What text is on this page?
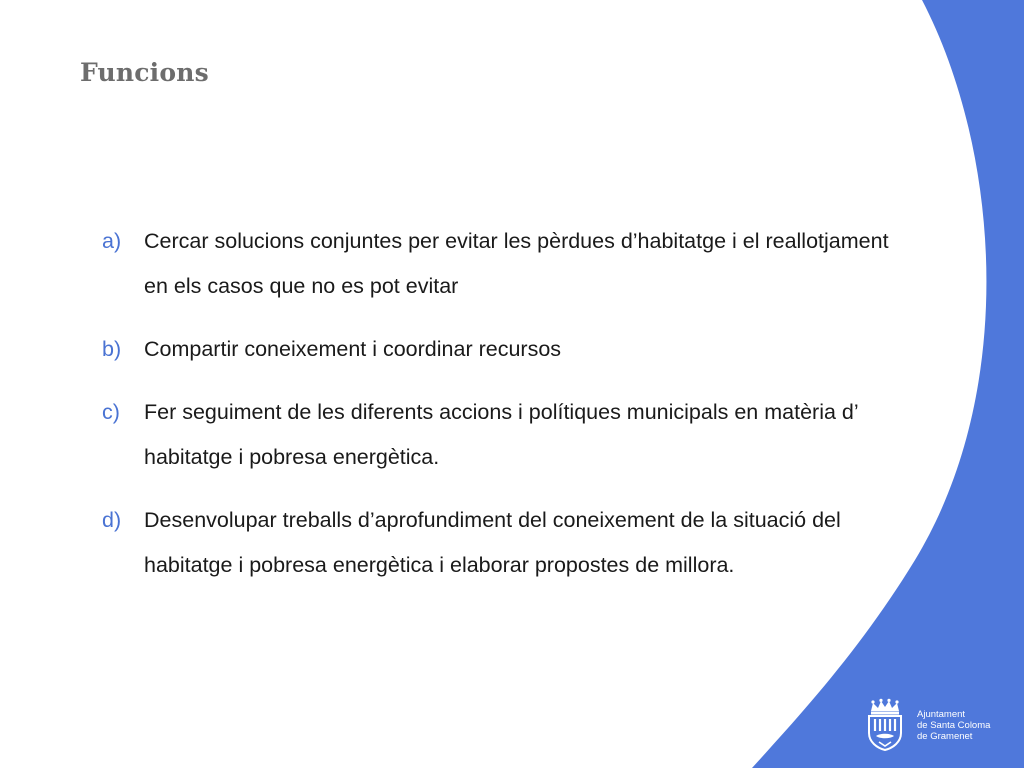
Funcions
a)	Cercar solucions conjuntes per evitar les pèrdues d’habitatge i el reallotjament en els casos que no es pot evitar
b)	Compartir coneixement i coordinar recursos
c)	Fer seguiment de les diferents accions i polítiques municipals en matèria d’ habitatge i pobresa energètica.
d)	Desenvolupar treballs d’aprofundiment del coneixement de la situació del habitatge i pobresa energètica i elaborar propostes de millora.
Ajuntament
de Santa Coloma
de Gramenet
